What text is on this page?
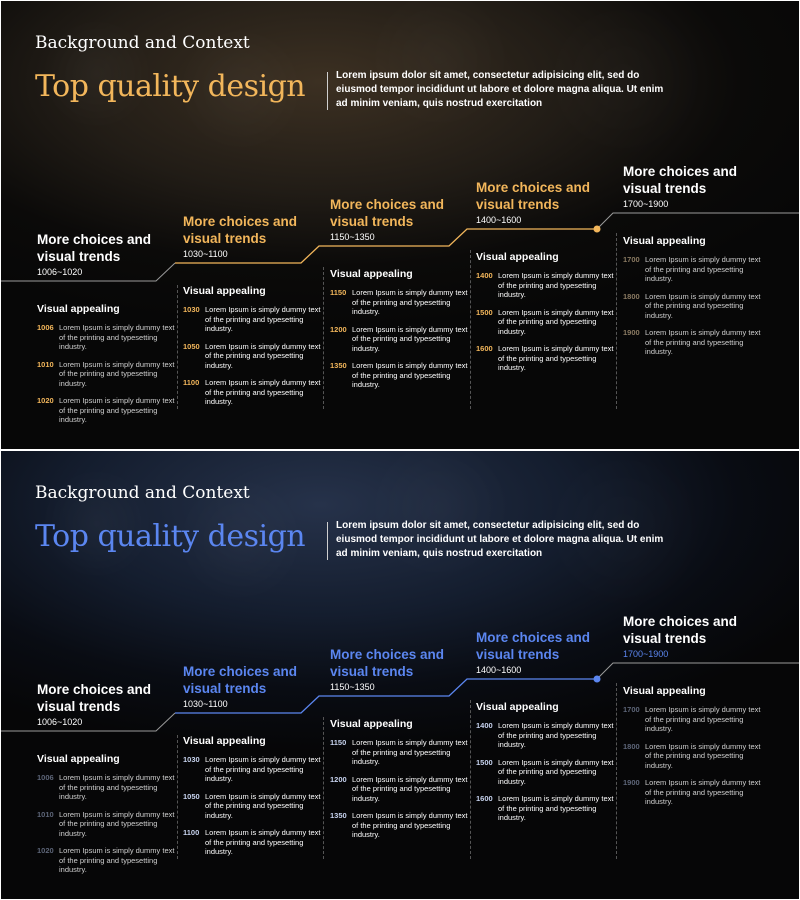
Background and Context
Top quality design	Lorem ipsum dolor sit amet, consectetur adipisicing elit, sed do eiusmod tempor incididunt ut labore et dolore magna aliqua. Ut enim ad minim veniam, quis nostrud exercitation
More choices and visual trends
1006~1020
Visual appealing
1006 Lorem Ipsum is simply dummy text of the printing and typesetting industry.
1010 Lorem Ipsum is simply dummy text of the printing and typesetting industry.
1020 Lorem Ipsum is simply dummy text of the printing and typesetting industry.
More choices and visual trends
1030~1100
Visual appealing
1030 Lorem Ipsum is simply dummy text of the printing and typesetting industry.
1050 Lorem Ipsum is simply dummy text of the printing and typesetting industry.
1100 Lorem Ipsum is simply dummy text of the printing and typesetting industry.
More choices and visual trends
1150~1350
Visual appealing
1150 Lorem Ipsum is simply dummy text of the printing and typesetting industry.
1200 Lorem Ipsum is simply dummy text of the printing and typesetting industry.
1350 Lorem Ipsum is simply dummy text of the printing and typesetting industry.
More choices and visual trends
1400~1600
Visual appealing
1400 Lorem Ipsum is simply dummy text of the printing and typesetting industry.
1500 Lorem Ipsum is simply dummy text of the printing and typesetting industry.
1600 Lorem Ipsum is simply dummy text of the printing and typesetting industry.
More choices and visual trends
1700~1900
Visual appealing
1700 Lorem Ipsum is simply dummy text of the printing and typesetting industry.
1800 Lorem Ipsum is simply dummy text of the printing and typesetting industry.
1900 Lorem Ipsum is simply dummy text of the printing and typesetting industry.
Background and Context
Top quality design	Lorem ipsum dolor sit amet, consectetur adipisicing elit, sed do eiusmod tempor incididunt ut labore et dolore magna aliqua. Ut enim ad minim veniam, quis nostrud exercitation
More choices and visual trends
1006~1020
Visual appealing
1006 Lorem Ipsum is simply dummy text of the printing and typesetting industry.
1010 Lorem Ipsum is simply dummy text of the printing and typesetting industry.
1020 Lorem Ipsum is simply dummy text of the printing and typesetting industry.
More choices and visual trends
1030~1100
Visual appealing
1030 Lorem Ipsum is simply dummy text of the printing and typesetting industry.
1050 Lorem Ipsum is simply dummy text of the printing and typesetting industry.
1100 Lorem Ipsum is simply dummy text of the printing and typesetting industry.
More choices and visual trends
1150~1350
Visual appealing
1150 Lorem Ipsum is simply dummy text of the printing and typesetting industry.
1200 Lorem Ipsum is simply dummy text of the printing and typesetting industry.
1350 Lorem Ipsum is simply dummy text of the printing and typesetting industry.
More choices and visual trends
1400~1600
Visual appealing
1400 Lorem Ipsum is simply dummy text of the printing and typesetting industry.
1500 Lorem Ipsum is simply dummy text of the printing and typesetting industry.
1600 Lorem Ipsum is simply dummy text of the printing and typesetting industry.
More choices and visual trends
1700~1900
Visual appealing
1700 Lorem Ipsum is simply dummy text of the printing and typesetting industry.
1800 Lorem Ipsum is simply dummy text of the printing and typesetting industry.
1900 Lorem Ipsum is simply dummy text of the printing and typesetting industry.
